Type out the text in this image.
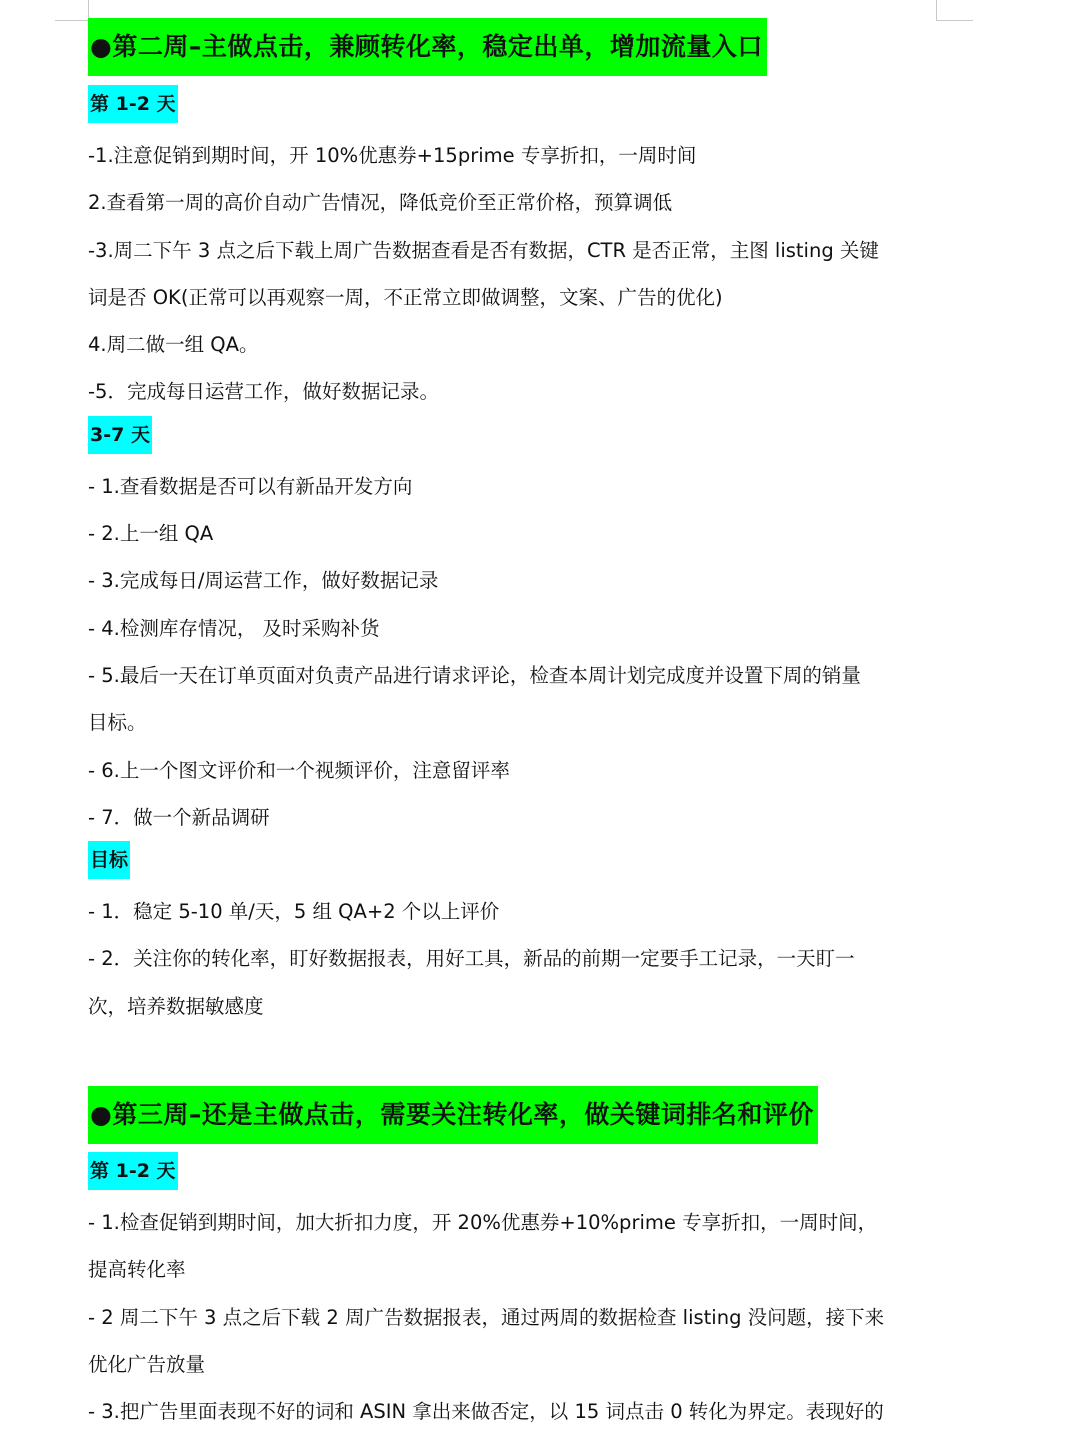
●第二周–主做点击，兼顾转化率，稳定出单，增加流量入口
第 1-2 天

-1.注意促销到期时间，开 10%优惠券+15prime 专享折扣，一周时间

2.查看第一周的高价自动广告情况，降低竞价至正常价格，预算调低

-3.周二下午 3 点之后下载上周广告数据查看是否有数据，CTR 是否正常，主图 listing 关键

词是否 OK(正常可以再观察一周，不正常立即做调整，文案、广告的优化)

4.周二做一组 QA。

-5．完成每日运营工作，做好数据记录。

3-7 天

- 1.查看数据是否可以有新品开发方向

- 2.上一组 QA

- 3.完成每日/周运营工作，做好数据记录

- 4.检测库存情况， 及时采购补货

- 5.最后一天在订单页面对负责产品进行请求评论，检查本周计划完成度并设置下周的销量

目标。

- 6.上一个图文评价和一个视频评价，注意留评率

- 7．做一个新品调研

目标

- 1．稳定 5-10 单/天，5 组 QA+2 个以上评价

- 2．关注你的转化率，盯好数据报表，用好工具，新品的前期一定要手工记录，一天盯一

次，培养数据敏感度

●第三周–还是主做点击，需要关注转化率，做关键词排名和评价
第 1-2 天

- 1.检查促销到期时间，加大折扣力度，开 20%优惠券+10%prime 专享折扣，一周时间，

提高转化率

- 2 周二下午 3 点之后下载 2 周广告数据报表，通过两周的数据检查 listing 没问题，接下来

优化广告放量

- 3.把广告里面表现不好的词和 ASIN 拿出来做否定，以 15 词点击 0 转化为界定。表现好的
